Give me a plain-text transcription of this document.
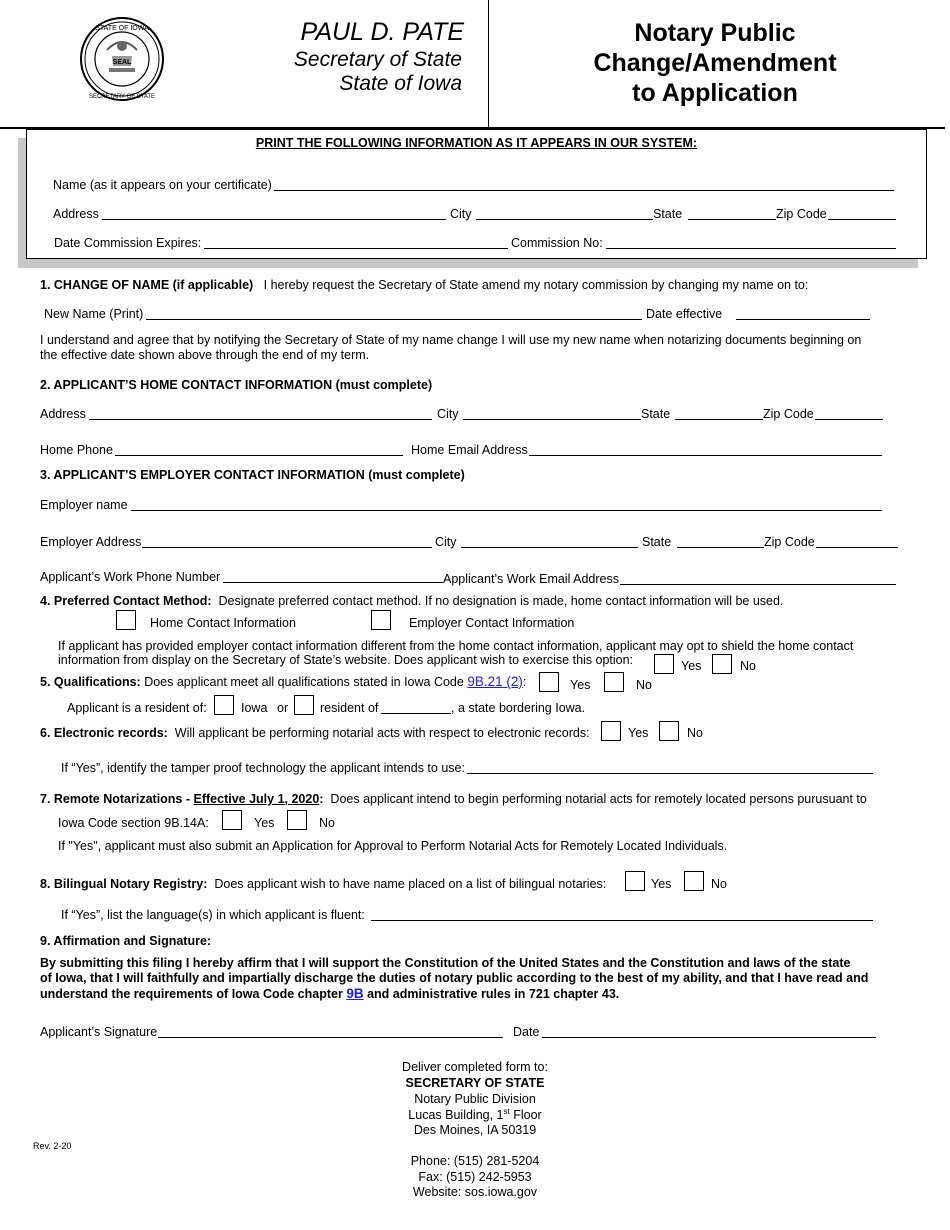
STATE OF IOWA
SECRETARY OF STATE
SEAL
PAUL D. PATE
Secretary of State
State of Iowa
Notary Public
Change/Amendment
to Application
PRINT THE FOLLOWING INFORMATION AS IT APPEARS IN OUR SYSTEM:
Name (as it appears on your certificate)
Address	City	State	Zip Code
Date Commission Expires:	Commission No:
1. CHANGE OF NAME (if applicable) I hereby request the Secretary of State amend my notary commission by changing my name on to:
New Name (Print)	Date effective
I understand and agree that by notifying the Secretary of State of my name change I will use my new name when notarizing documents beginning on
the effective date shown above through the end of my term.
2. APPLICANT’S HOME CONTACT INFORMATION (must complete)
Address	City	State	Zip Code
Home Phone	Home Email Address
3. APPLICANT’S EMPLOYER CONTACT INFORMATION (must complete)
Employer name
Employer Address	City	State	Zip Code
Applicant’s Work Phone Number	Applicant’s Work Email Address
4. Preferred Contact Method: Designate preferred contact method. If no designation is made, home contact information will be used.
Home Contact Information	Employer Contact Information
If applicant has provided employer contact information different from the home contact information, applicant may opt to shield the home contact
information from display on the Secretary of State’s website. Does applicant wish to exercise this option:	Yes	No
5. Qualifications: Does applicant meet all qualifications stated in Iowa Code 9B.21 (2):	Yes	No
Applicant is a resident of:	Iowa or	resident of	, a state bordering Iowa.
6. Electronic records: Will applicant be performing notarial acts with respect to electronic records:	Yes	No
If “Yes”, identify the tamper proof technology the applicant intends to use:
7. Remote Notarizations - Effective July 1, 2020: Does applicant intend to begin performing notarial acts for remotely located persons purusuant to
Iowa Code section 9B.14A:	Yes	No
If "Yes", applicant must also submit an Application for Approval to Perform Notarial Acts for Remotely Located Individuals.
8. Bilingual Notary Registry: Does applicant wish to have name placed on a list of bilingual notaries:	Yes	No
If “Yes”, list the language(s) in which applicant is fluent:
9. Affirmation and Signature:
By submitting this filing I hereby affirm that I will support the Constitution of the United States and the Constitution and laws of the state
of Iowa, that I will faithfully and impartially discharge the duties of notary public according to the best of my ability, and that I have read and
understand the requirements of Iowa Code chapter 9B and administrative rules in 721 chapter 43.
Applicant’s Signature	Date
Deliver completed form to:
SECRETARY OF STATE
Notary Public Division
Lucas Building, 1st Floor
Des Moines, IA 50319
Phone: (515) 281-5204
Fax: (515) 242-5953
Website: sos.iowa.gov
Rev. 2-20
